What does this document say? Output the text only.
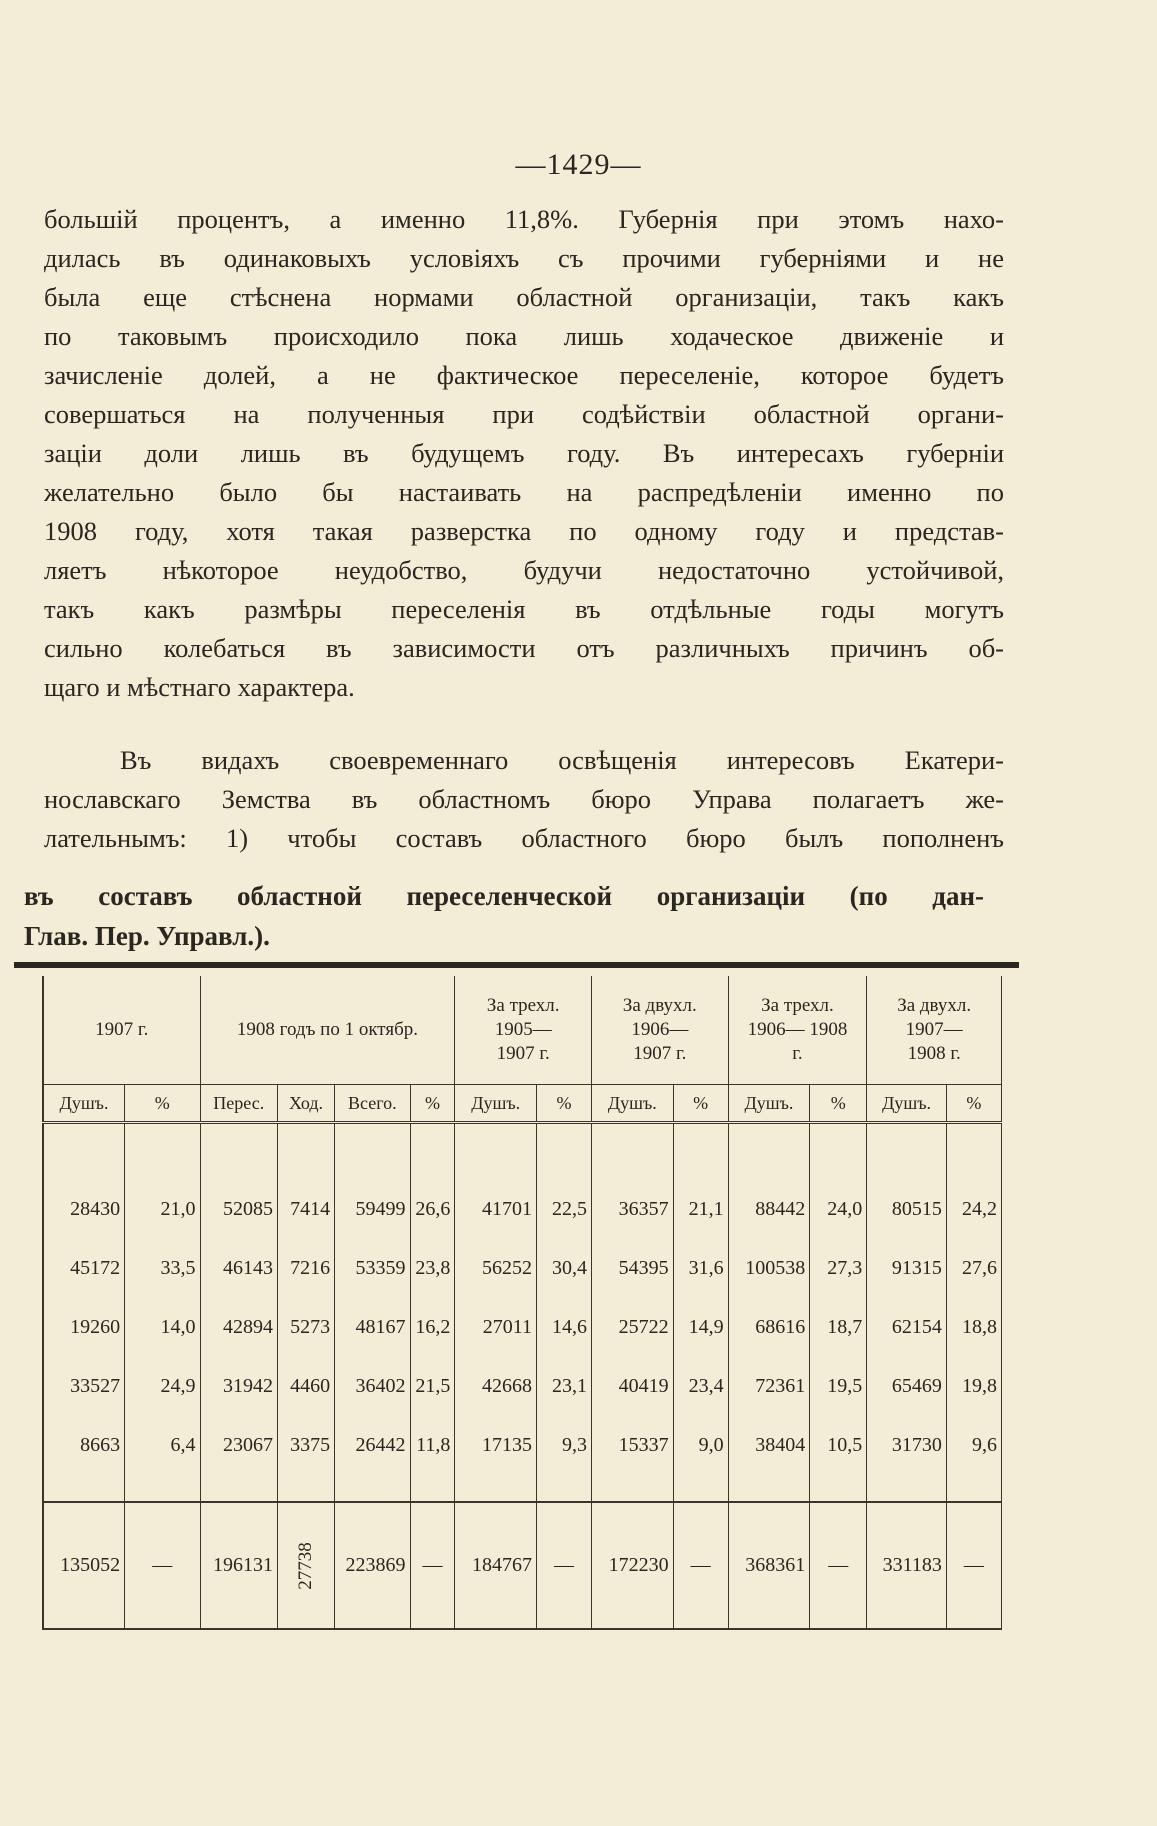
—1429—
большій процентъ, а именно 11,8%. Губернія при этомъ нахо-
дилась въ одинаковыхъ условіяхъ съ прочими губерніями и не
была еще стѣснена нормами областной организаціи, такъ какъ
по таковымъ происходило пока лишь ходаческое движеніе и
зачисленіе долей, а не фактическое переселеніе, которое будетъ
совершаться на полученныя при содѣйствіи областной органи-
заціи доли лишь въ будущемъ году. Въ интересахъ губерніи
желательно было бы настаивать на распредѣленіи именно по
1908 году, хотя такая разверстка по одному году и представ-
ляетъ нѣкоторое неудобство, будучи недостаточно устойчивой,
такъ какъ размѣры переселенія въ отдѣльные годы могутъ
сильно колебаться въ зависимости отъ различныхъ причинъ об-
щаго и мѣстнаго характера.
Въ видахъ своевременнаго освѣщенія интересовъ Екатери-
нославскаго Земства въ областномъ бюро Управа полагаетъ же-
лательнымъ: 1) чтобы составъ областного бюро былъ пополненъ
въ составъ областной переселенческой организаціи (по дан-
Глав. Пер. Управл.).
1907 г.		1908 годъ по 1 октябр.				За трехл. 1905— 1907 г.		За двухл. 1906— 1907 г.		За трехл. 1906— 1908 г.		За двухл. 1907— 1908 г.	
Душъ.	%	Перес.	Ход.	Всего.	%	Душъ.	%	Душъ.	%	Душъ.	%	Душъ.	%
28430	21,0	52085	7414	59499	26,6	41701	22,5	36357	21,1	88442	24,0	80515	24,2
45172	33,5	46143	7216	53359	23,8	56252	30,4	54395	31,6	100538	27,3	91315	27,6
19260	14,0	42894	5273	48167	16,2	27011	14,6	25722	14,9	68616	18,7	62154	18,8
33527	24,9	31942	4460	36402	21,5	42668	23,1	40419	23,4	72361	19,5	65469	19,8
8663	6,4	23067	3375	26442	11,8	17135	9,3	15337	9,0	38404	10,5	31730	9,6
135052	—	196131	27738	223869	—	184767	—	172230	—	368361	—	331183	—
